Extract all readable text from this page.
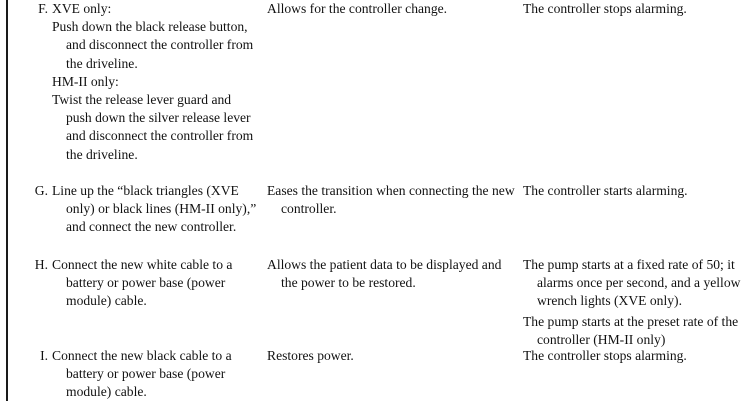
F. XVE only:

Push down the black release button, and disconnect the controller from the driveline.

HM-II only:

Twist the release lever guard and push down the silver release lever and disconnect the controller from the driveline.

Allows for the controller change.	The controller stops alarming.

G. Line up the “black triangles (XVE only) or black lines (HM-II only),” and connect the new controller.

Eases the transition when connecting the new controller.

The controller starts alarming.

H. Connect the new white cable to a battery or power base (power module) cable.

Allows the patient data to be displayed and the power to be restored.

The pump starts at a fixed rate of 50; it alarms once per second, and a yellow wrench lights (XVE only).

The pump starts at the preset rate of the controller (HM-II only)

I. Connect the new black cable to a battery or power base (power module) cable.

Restores power.	The controller stops alarming.
